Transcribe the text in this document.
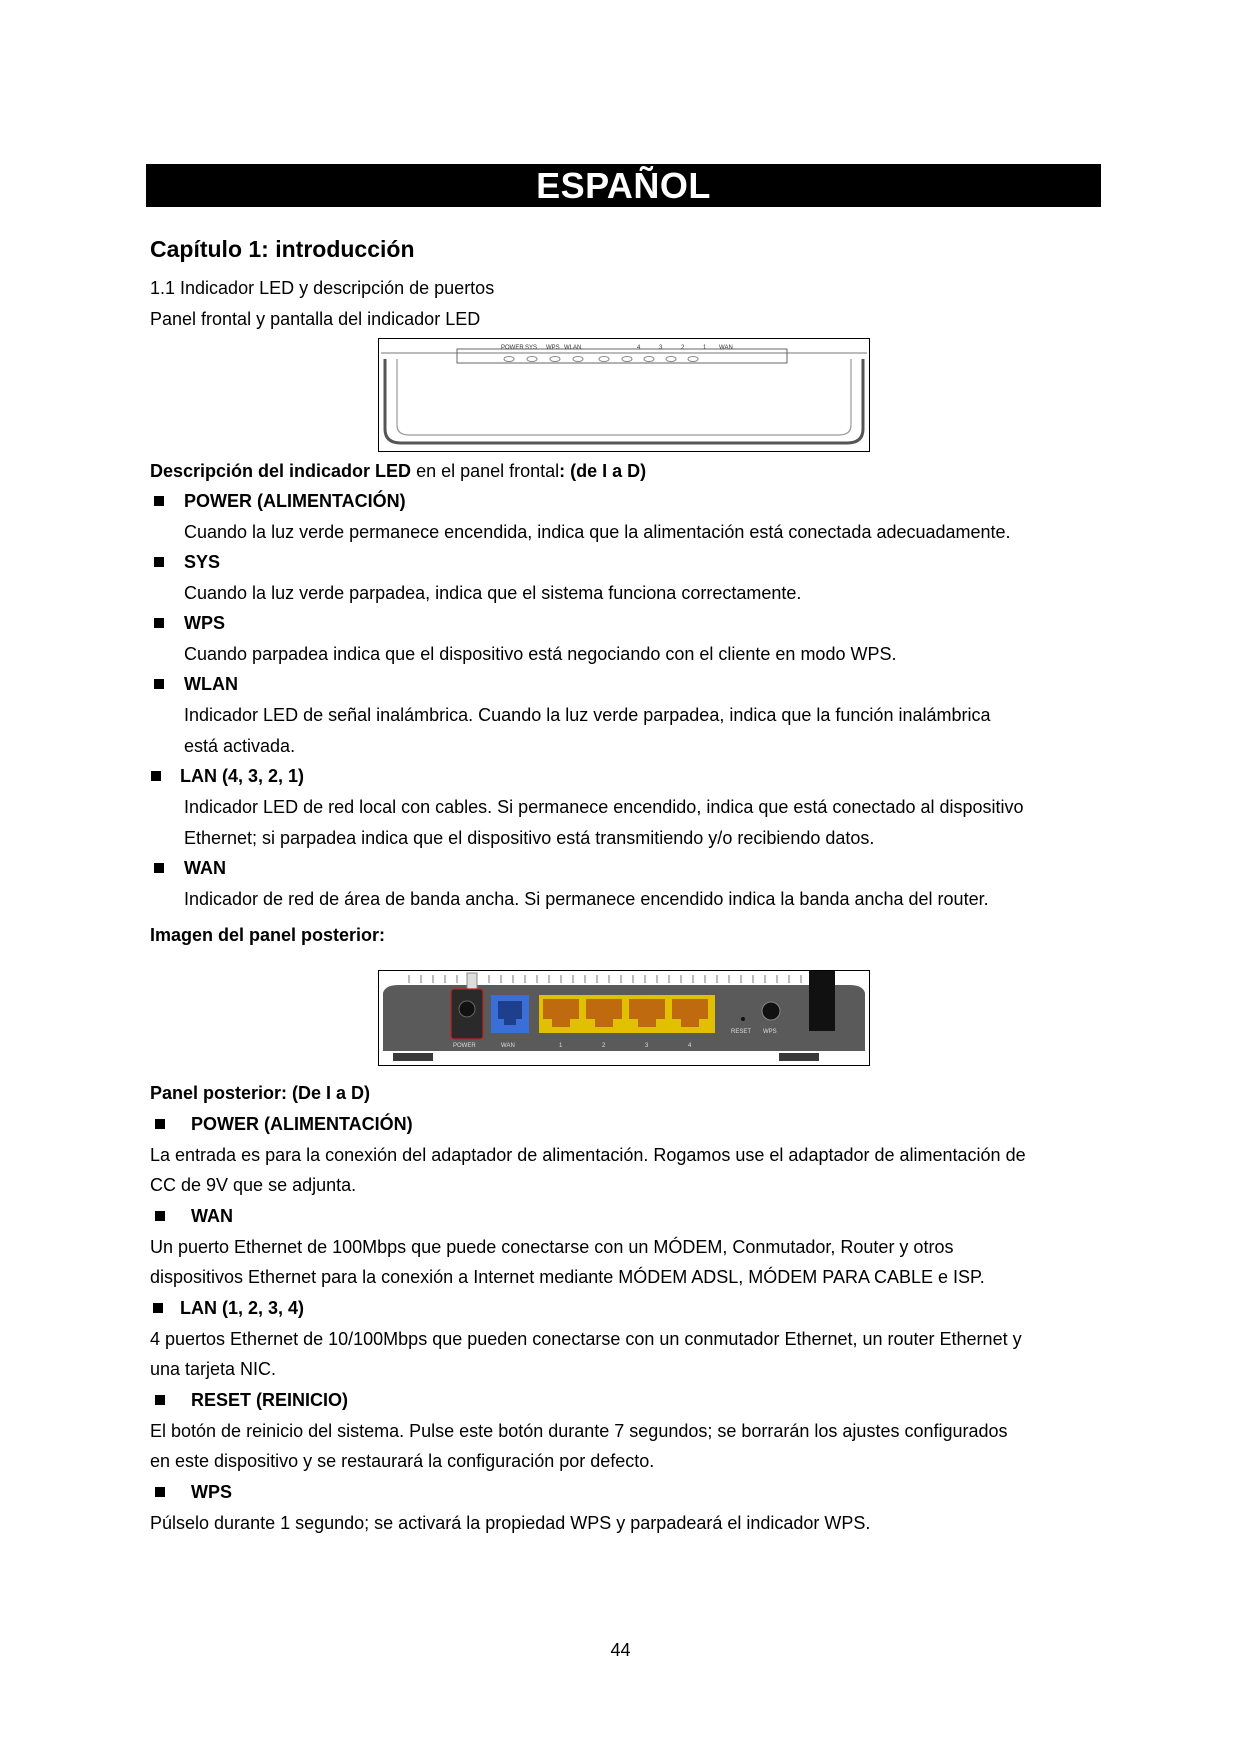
ESPAÑOL
Capítulo 1: introducción
1.1 Indicador LED y descripción de puertos
Panel frontal y pantalla del indicador LED
POWER SYS WPS WLAN	4	3	2	1 WAN
Descripción del indicador LED en el panel frontal: (de I a D)
POWER (ALIMENTACIÓN)
Cuando la luz verde permanece encendida, indica que la alimentación está conectada adecuadamente.
SYS
Cuando la luz verde parpadea, indica que el sistema funciona correctamente.
WPS
Cuando parpadea indica que el dispositivo está negociando con el cliente en modo WPS.
WLAN
Indicador LED de señal inalámbrica. Cuando la luz verde parpadea, indica que la función inalámbrica
está activada.
LAN (4, 3, 2, 1)
Indicador LED de red local con cables. Si permanece encendido, indica que está conectado al dispositivo
Ethernet; si parpadea indica que el dispositivo está transmitiendo y/o recibiendo datos.
WAN
Indicador de red de área de banda ancha. Si permanece encendido indica la banda ancha del router.
Imagen del panel posterior:
POWER	WAN	1	2	3	4
RESET WPS
Panel posterior: (De I a D)
POWER (ALIMENTACIÓN)
La entrada es para la conexión del adaptador de alimentación. Rogamos use el adaptador de alimentación de
CC de 9V que se adjunta.
WAN
Un puerto Ethernet de 100Mbps que puede conectarse con un MÓDEM, Conmutador, Router y otros
dispositivos Ethernet para la conexión a Internet mediante MÓDEM ADSL, MÓDEM PARA CABLE e ISP.
LAN (1, 2, 3, 4)
4 puertos Ethernet de 10/100Mbps que pueden conectarse con un conmutador Ethernet, un router Ethernet y
una tarjeta NIC.
RESET (REINICIO)
El botón de reinicio del sistema. Pulse este botón durante 7 segundos; se borrarán los ajustes configurados
en este dispositivo y se restaurará la configuración por defecto.
WPS
Púlselo durante 1 segundo; se activará la propiedad WPS y parpadeará el indicador WPS.
44
